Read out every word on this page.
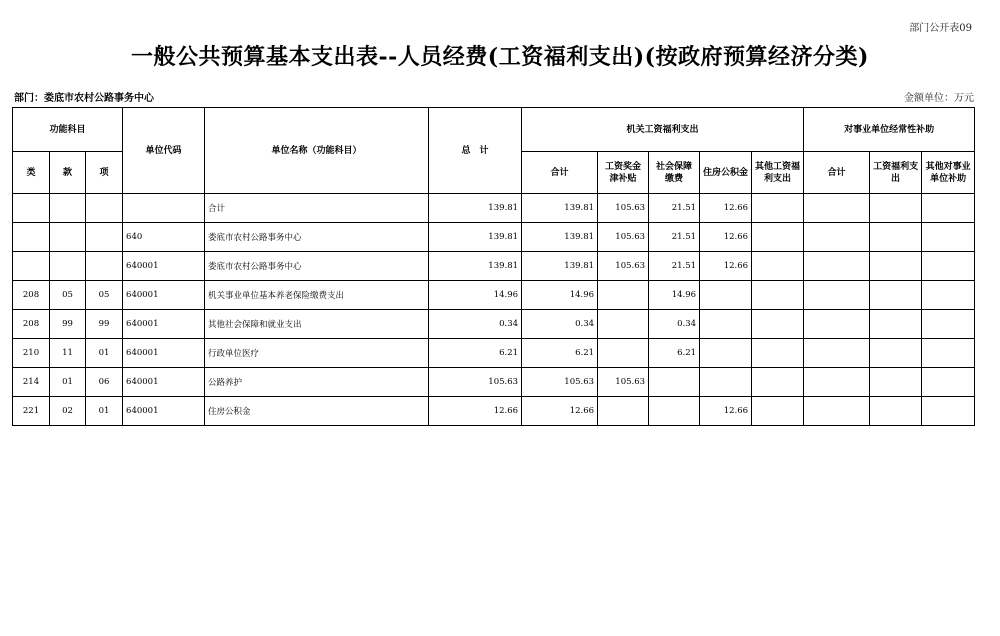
部门公开表09
一般公共预算基本支出表--人员经费(工资福利支出)(按政府预算经济分类)
部门：娄底市农村公路事务中心	金额单位：万元
功能科目			单位代码	单位名称（功能科目）	总　计	机关工资福利支出					对事业单位经常性补助		
类	款	项				合计	工资奖金津补贴	社会保障缴费	住房公积金	其他工资福利支出	合计	工资福利支出	其他对事业单位补助
				合计	139.81	139.81	105.63	21.51	12.66				
			640	娄底市农村公路事务中心	139.81	139.81	105.63	21.51	12.66				
			640001	娄底市农村公路事务中心	139.81	139.81	105.63	21.51	12.66				
208	05	05	640001	机关事业单位基本养老保险缴费支出	14.96	14.96		14.96					
208	99	99	640001	其他社会保障和就业支出	0.34	0.34		0.34					
210	11	01	640001	行政单位医疗	6.21	6.21		6.21					
214	01	06	640001	公路养护	105.63	105.63	105.63						
221	02	01	640001	住房公积金	12.66	12.66			12.66				
